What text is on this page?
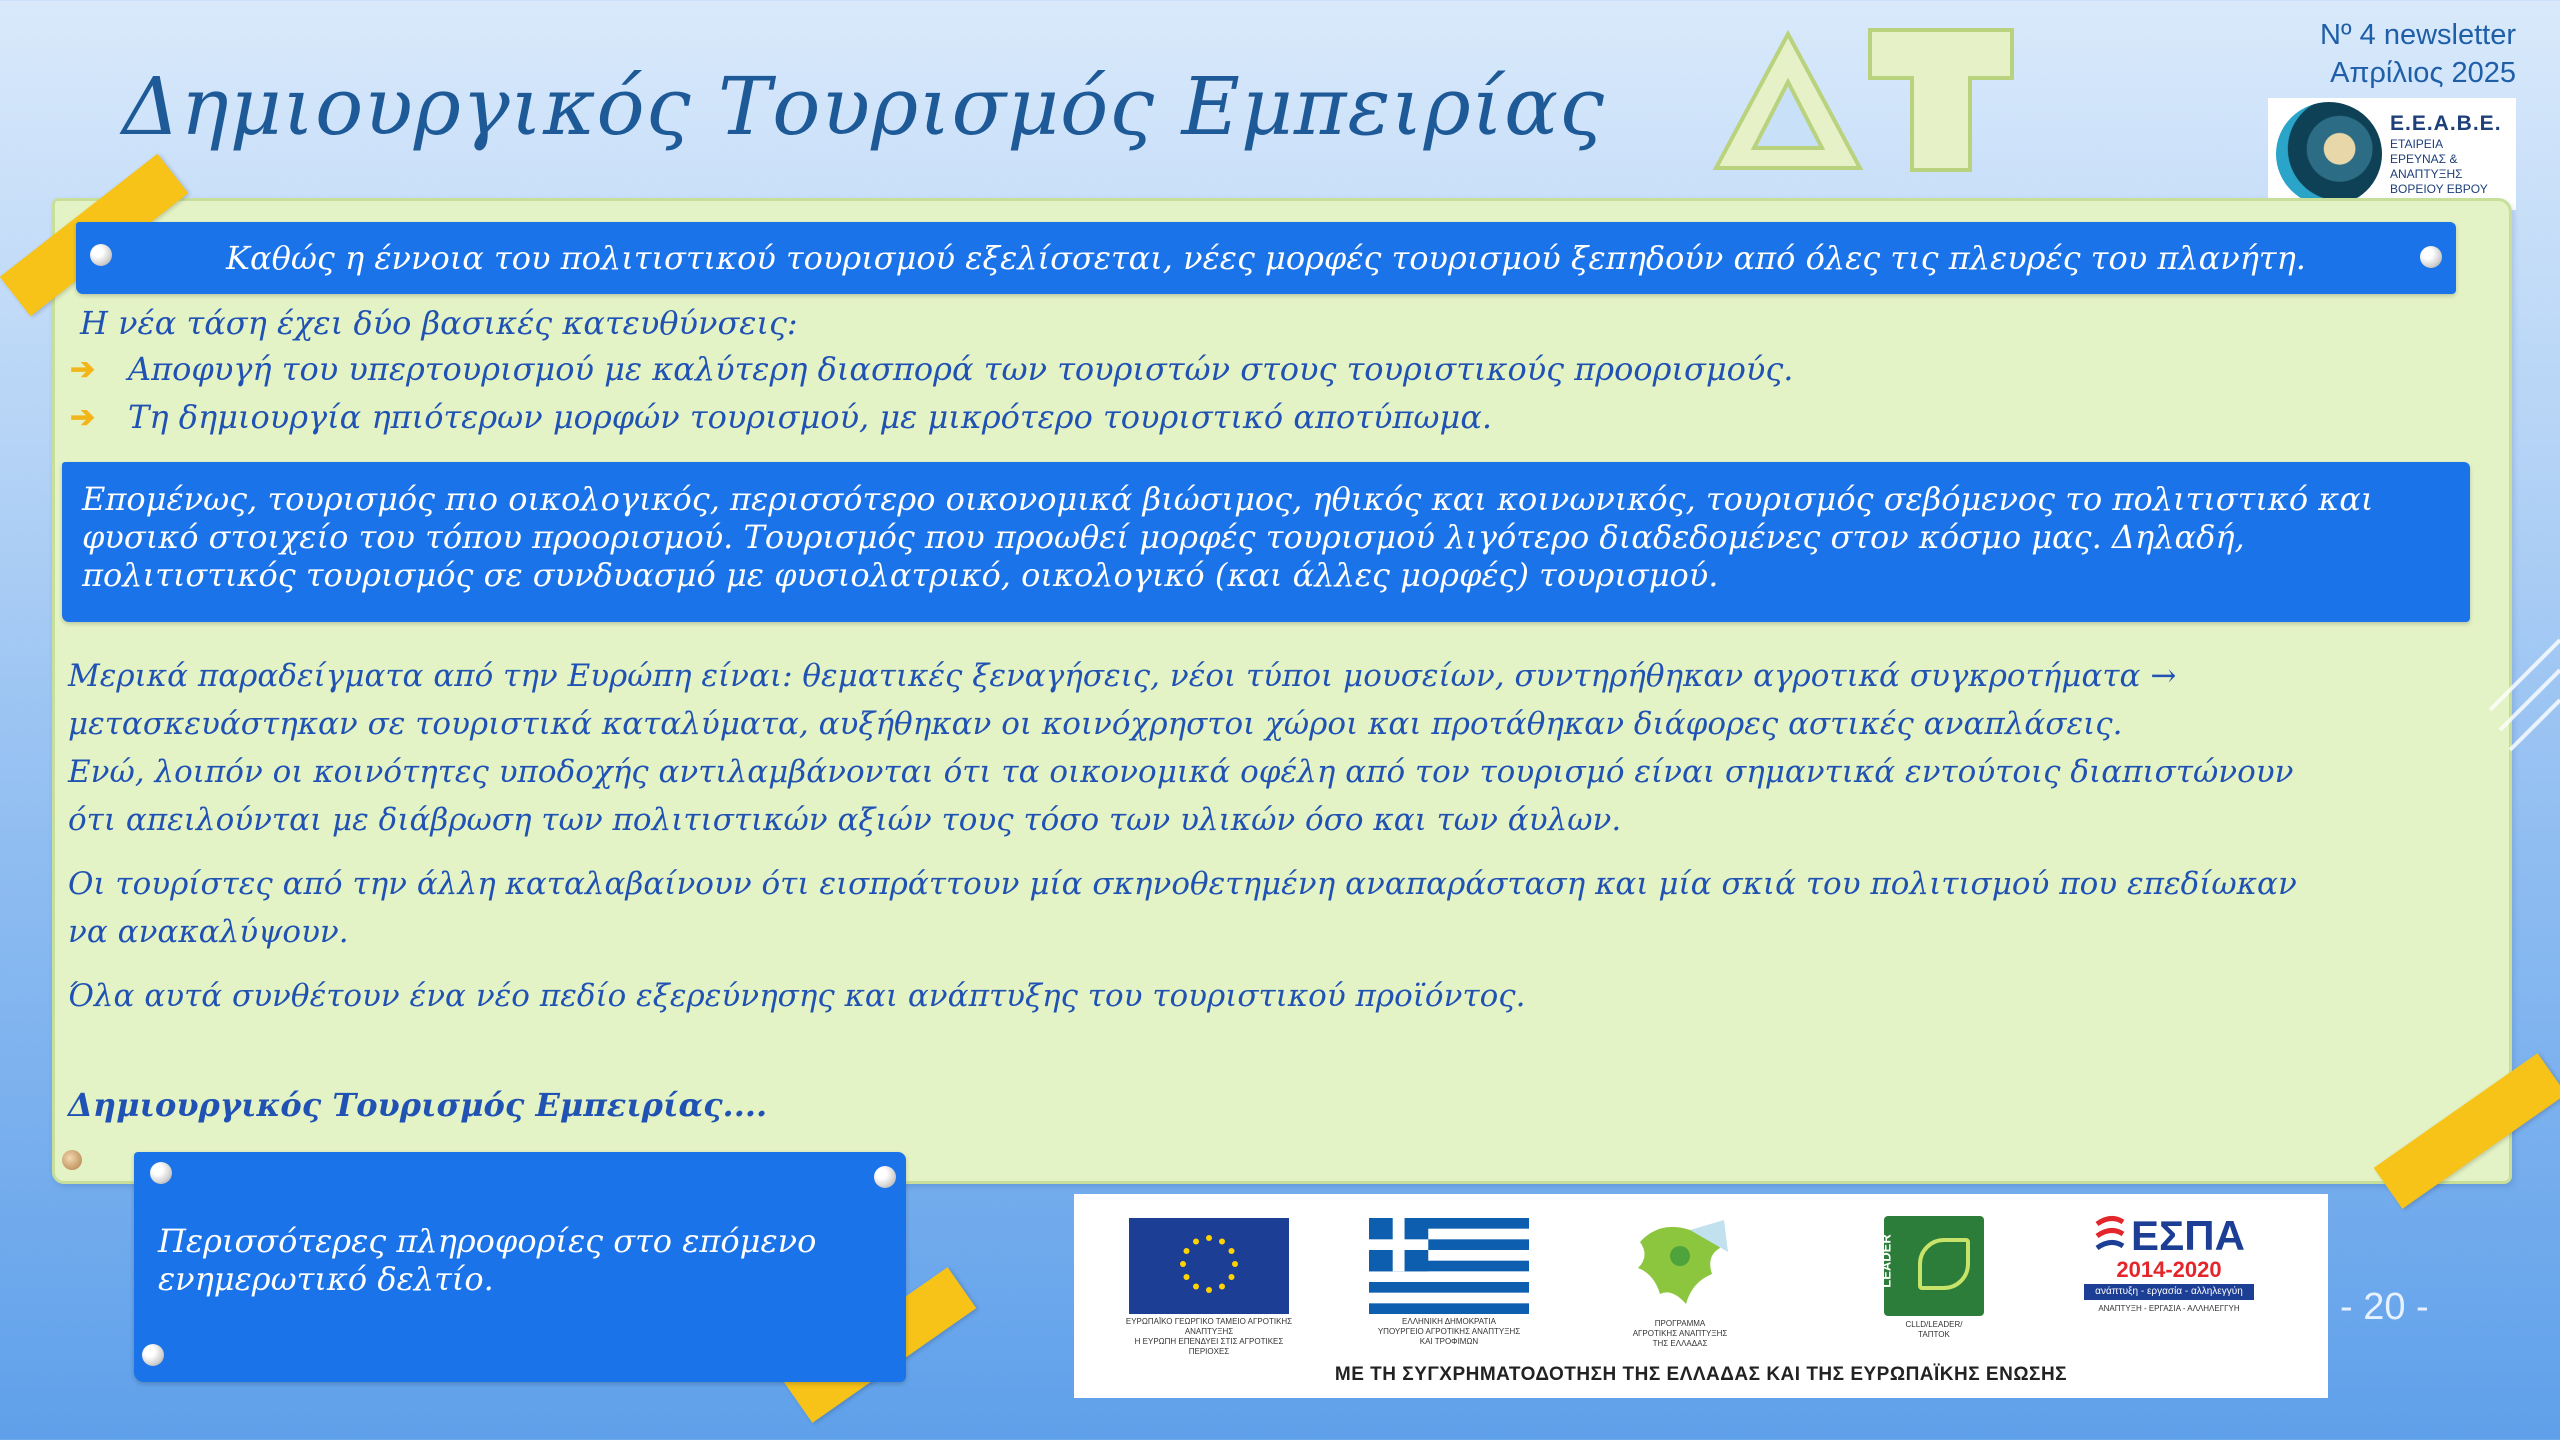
Δημιουργικός Τουρισμός Εμπειρίας
Nº 4 newsletter
Απρίλιος 2025
Ε.Ε.Α.Β.Ε.
ΕΤΑΙΡΕΙΑ
ΕΡΕΥΝΑΣ &
ΑΝΑΠΤΥΞΗΣ
ΒΟΡΕΙΟΥ ΕΒΡΟΥ
Καθώς η έννοια του πολιτιστικού τουρισμού εξελίσσεται, νέες μορφές τουρισμού ξεπηδούν από όλες τις πλευρές του πλανήτη.
Η νέα τάση έχει δύο βασικές κατευθύνσεις:
➔	Αποφυγή του υπερτουρισμού με καλύτερη διασπορά των τουριστών στους τουριστικούς προορισμούς.
➔	Τη δημιουργία ηπιότερων μορφών τουρισμού, με μικρότερο τουριστικό αποτύπωμα.
Επομένως, τουρισμός πιο οικολογικός, περισσότερο οικονομικά βιώσιμος, ηθικός και κοινωνικός, τουρισμός σεβόμενος το πολιτιστικό και
φυσικό στοιχείο του τόπου προορισμού. Τουρισμός που προωθεί μορφές τουρισμού λιγότερο διαδεδομένες στον κόσμο μας. Δηλαδή,
πολιτιστικός τουρισμός σε συνδυασμό με φυσιολατρικό, οικολογικό (και άλλες μορφές) τουρισμού.
Μερικά παραδείγματα από την Ευρώπη είναι: θεματικές ξεναγήσεις, νέοι τύποι μουσείων, συντηρήθηκαν αγροτικά συγκροτήματα →
μετασκευάστηκαν σε τουριστικά καταλύματα, αυξήθηκαν οι κοινόχρηστοι χώροι και προτάθηκαν διάφορες αστικές αναπλάσεις.
Ενώ, λοιπόν οι κοινότητες υποδοχής αντιλαμβάνονται ότι τα οικονομικά οφέλη από τον τουρισμό είναι σημαντικά εντούτοις διαπιστώνουν
ότι απειλούνται με διάβρωση των πολιτιστικών αξιών τους τόσο των υλικών όσο και των άυλων.
Οι τουρίστες από την άλλη καταλαβαίνουν ότι εισπράττουν μία σκηνοθετημένη αναπαράσταση και μία σκιά του πολιτισμού που επεδίωκαν
να ανακαλύψουν.
Όλα αυτά συνθέτουν ένα νέο πεδίο εξερεύνησης και ανάπτυξης του τουριστικού προϊόντος.
Δημιουργικός Τουρισμός Εμπειρίας....
Περισσότερες πληροφορίες στο επόμενο
ενημερωτικό δελτίο.
ΕΥΡΩΠΑΪΚΟ ΓΕΩΡΓΙΚΟ ΤΑΜΕΙΟ ΑΓΡΟΤΙΚΗΣ ΑΝΑΠΤΥΞΗΣ
Η ΕΥΡΩΠΗ ΕΠΕΝΔΥΕΙ ΣΤΙΣ ΑΓΡΟΤΙΚΕΣ ΠΕΡΙΟΧΕΣ
ΕΛΛΗΝΙΚΗ ΔΗΜΟΚΡΑΤΙΑ
ΥΠΟΥΡΓΕΙΟ ΑΓΡΟΤΙΚΗΣ ΑΝΑΠΤΥΞΗΣ
ΚΑΙ ΤΡΟΦΙΜΩΝ
ΠΡΟΓΡΑΜΜΑ
ΑΓΡΟΤΙΚΗΣ ΑΝΑΠΤΥΞΗΣ
ΤΗΣ ΕΛΛΑΔΑΣ
LEADER
CLLD/LEADER/
ΤΑΠΤΟΚ
ΕΣΠΑ
2014-2020
ανάπτυξη - εργασία - αλληλεγγύη
ΑΝΑΠΤΥΞΗ - ΕΡΓΑΣΙΑ - ΑΛΛΗΛΕΓΓΥΗ
ΜΕ ΤΗ ΣΥΓΧΡΗΜΑΤΟΔΟΤΗΣΗ ΤΗΣ ΕΛΛΑΔΑΣ ΚΑΙ ΤΗΣ ΕΥΡΩΠΑΪΚΗΣ ΕΝΩΣΗΣ
- 20 -
